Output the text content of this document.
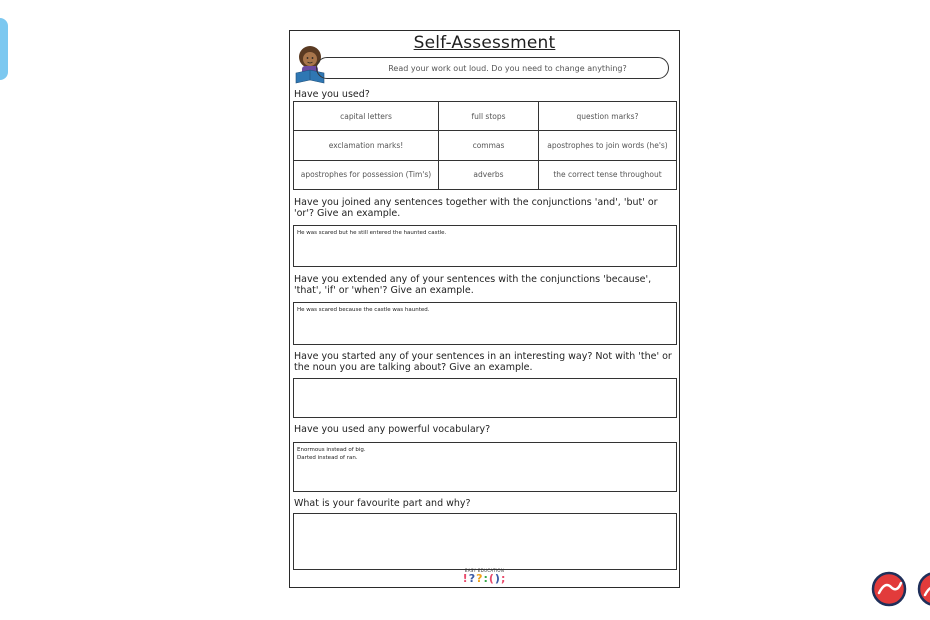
Self-Assessment
Read your work out loud. Do you need to change anything?
Have you used?
capital letters	full stops	question marks?
exclamation marks!	commas	apostrophes to join words (he's)
apostrophes for possession (Tim's)	adverbs	the correct tense throughout
Have you joined any sentences together with the conjunctions 'and', 'but' or 'or'? Give an example.
He was scared but he still entered the haunted castle.
Have you extended any of your sentences with the conjunctions 'because', 'that', 'if' or 'when'? Give an example.
He was scared because the castle was haunted.
Have you started any of your sentences in an interesting way? Not with 'the' or the noun you are talking about? Give an example.
Have you used any powerful vocabulary?
Enormous instead of big.
Darted instead of ran.
What is your favourite part and why?
EASY EDUCATION
!??:();
